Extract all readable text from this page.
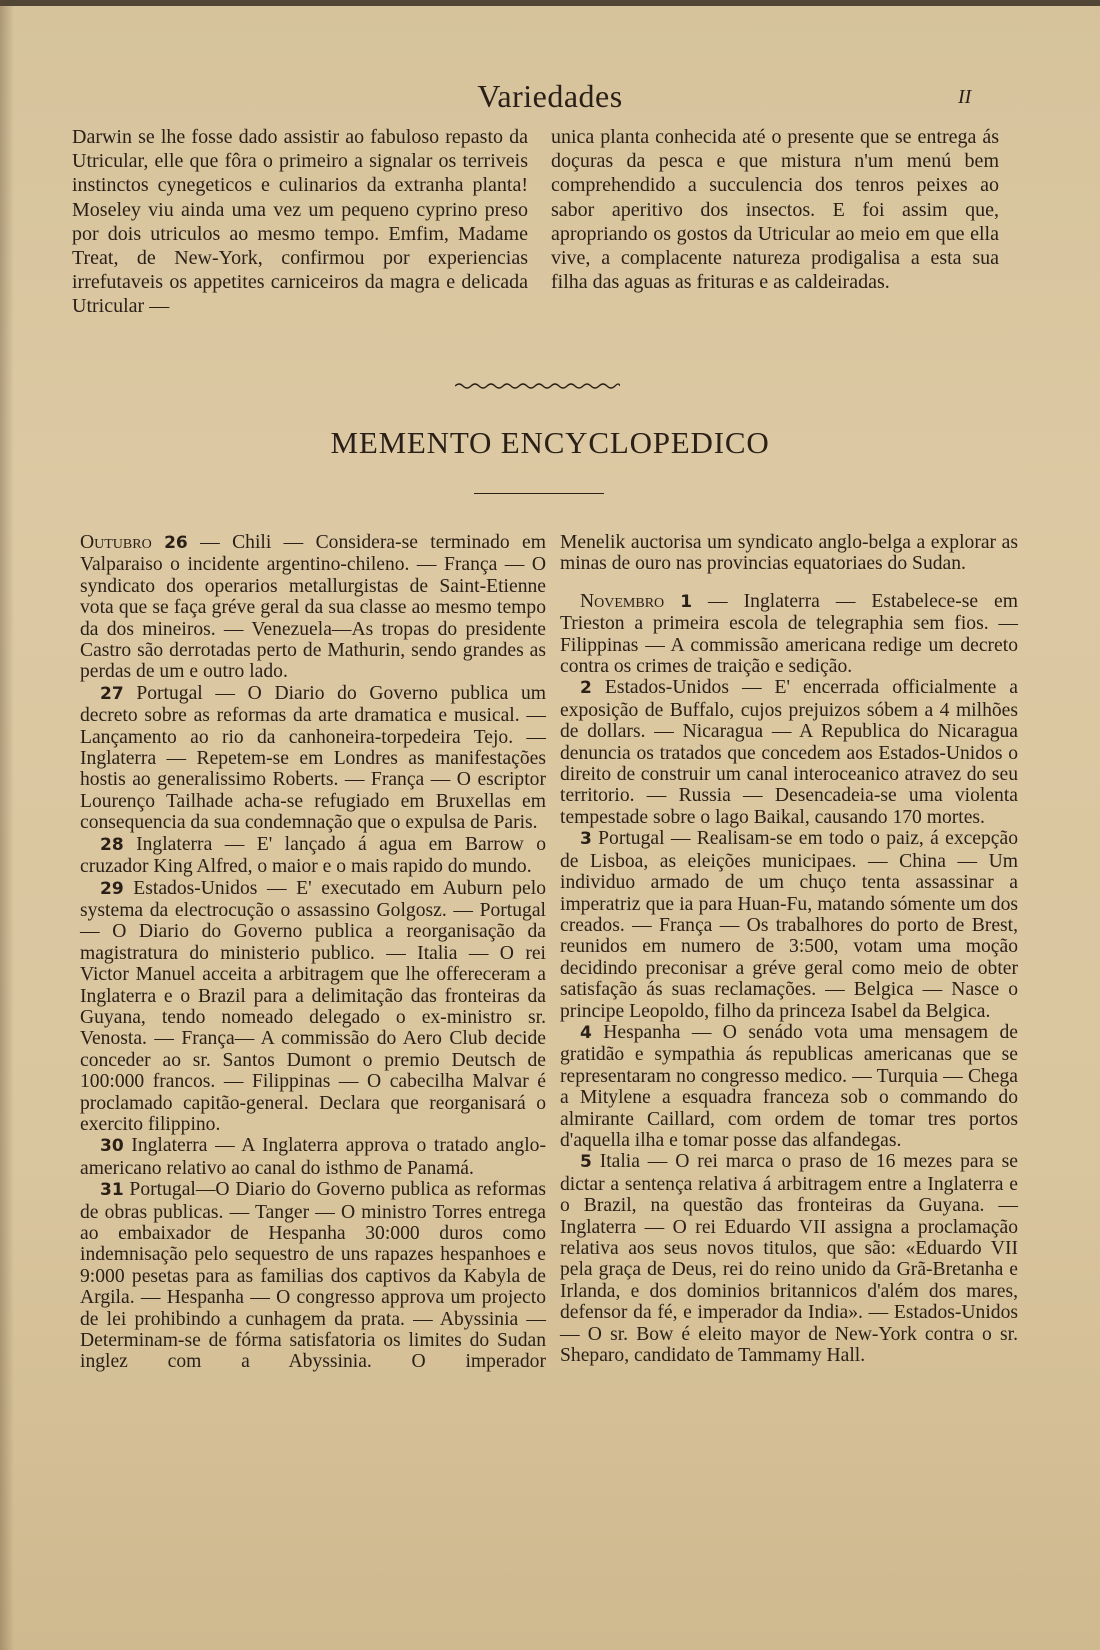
Variedades	II

Darwin se lhe fosse dado assistir ao fabuloso repasto da Utricular, elle que fôra o primeiro a signalar os terriveis instinctos cynegeticos e culinarios da extranha planta! Moseley viu ainda uma vez um pequeno cyprino preso por dois utriculos ao mesmo tempo. Emfim, Madame Treat, de New-York, confirmou por experiencias irrefutaveis os appetites carniceiros da magra e delicada Utricular —

unica planta conhecida até o presente que se entrega ás doçuras da pesca e que mistura n'um menú bem comprehendido a succulencia dos tenros peixes ao sabor aperitivo dos insectos. E foi assim que, apropriando os gostos da Utricular ao meio em que ella vive, a complacente natureza prodigalisa a esta sua filha das aguas as frituras e as caldeiradas.

MEMENTO ENCYCLOPEDICO

Outubro 26 — Chili — Considera-se terminado em Valparaiso o incidente argentino-chileno. — França — O syndicato dos operarios metallurgistas de Saint-Etienne vota que se faça gréve geral da sua classe ao mesmo tempo da dos mineiros. — Venezuela—As tropas do presidente Castro são derrotadas perto de Mathurin, sendo grandes as perdas de um e outro lado.

27 Portugal — O Diario do Governo publica um decreto sobre as reformas da arte dramatica e musical. — Lançamento ao rio da canhoneira-torpedeira Tejo. — Inglaterra — Repetem-se em Londres as manifestações hostis ao generalissimo Roberts. — França — O escriptor Lourenço Tailhade acha-se refugiado em Bruxellas em consequencia da sua condemnação que o expulsa de Paris.

28 Inglaterra — E' lançado á agua em Barrow o cruzador King Alfred, o maior e o mais rapido do mundo.

29 Estados-Unidos — E' executado em Auburn pelo systema da electrocução o assassino Golgosz. — Portugal — O Diario do Governo publica a reorganisação da magistratura do ministerio publico. — Italia — O rei Victor Manuel acceita a arbitragem que lhe offereceram a Inglaterra e o Brazil para a delimitação das fronteiras da Guyana, tendo nomeado delegado o ex-ministro sr. Venosta. — França— A commissão do Aero Club decide conceder ao sr. Santos Dumont o premio Deutsch de 100:000 francos. — Filippinas — O cabecilha Malvar é proclamado capitão-general. Declara que reorganisará o exercito filippino.

30 Inglaterra — A Inglaterra approva o tratado anglo-americano relativo ao canal do isthmo de Panamá.

31 Portugal—O Diario do Governo publica as reformas de obras publicas. — Tanger — O ministro Torres entrega ao embaixador de Hespanha 30:000 duros como indemnisação pelo sequestro de uns rapazes hespanhoes e 9:000 pesetas para as familias dos captivos da Kabyla de Argila. — Hespanha — O congresso approva um projecto de lei prohibindo a cunhagem da prata. — Abyssinia — Determinam-se de fórma satisfatoria os limites do Sudan inglez com a Abyssinia. O imperador

Menelik auctorisa um syndicato anglo-belga a explorar as minas de ouro nas provincias equatoriaes do Sudan.

Novembro 1 — Inglaterra — Estabelece-se em Trieston a primeira escola de telegraphia sem fios. — Filippinas — A commissão americana redige um decreto contra os crimes de traição e sedição.

2 Estados-Unidos — E' encerrada officialmente a exposição de Buffalo, cujos prejuizos sóbem a 4 milhões de dollars. — Nicaragua — A Republica do Nicaragua denuncia os tratados que concedem aos Estados-Unidos o direito de construir um canal interoceanico atravez do seu territorio. — Russia — Desencadeia-se uma violenta tempestade sobre o lago Baikal, causando 170 mortes.

3 Portugal — Realisam-se em todo o paiz, á excepção de Lisboa, as eleições municipaes. — China — Um individuo armado de um chuço tenta assassinar a imperatriz que ia para Huan-Fu, matando sómente um dos creados. — França — Os trabalhores do porto de Brest, reunidos em numero de 3:500, votam uma moção decidindo preconisar a gréve geral como meio de obter satisfação ás suas reclamações. — Belgica — Nasce o principe Leopoldo, filho da princeza Isabel da Belgica.

4 Hespanha — O senádo vota uma mensagem de gratidão e sympathia ás republicas americanas que se representaram no congresso medico. — Turquia — Chega a Mitylene a esquadra franceza sob o commando do almirante Caillard, com ordem de tomar tres portos d'aquella ilha e tomar posse das alfandegas.

5 Italia — O rei marca o praso de 16 mezes para se dictar a sentença relativa á arbitragem entre a Inglaterra e o Brazil, na questão das fronteiras da Guyana. — Inglaterra — O rei Eduardo VII assigna a proclamação relativa aos seus novos titulos, que são: «Eduardo VII pela graça de Deus, rei do reino unido da Grã-Bretanha e Irlanda, e dos dominios britannicos d'além dos mares, defensor da fé, e imperador da India». — Estados-Unidos — O sr. Bow é eleito mayor de New-York contra o sr. Sheparo, candidato de Tammamy Hall.
